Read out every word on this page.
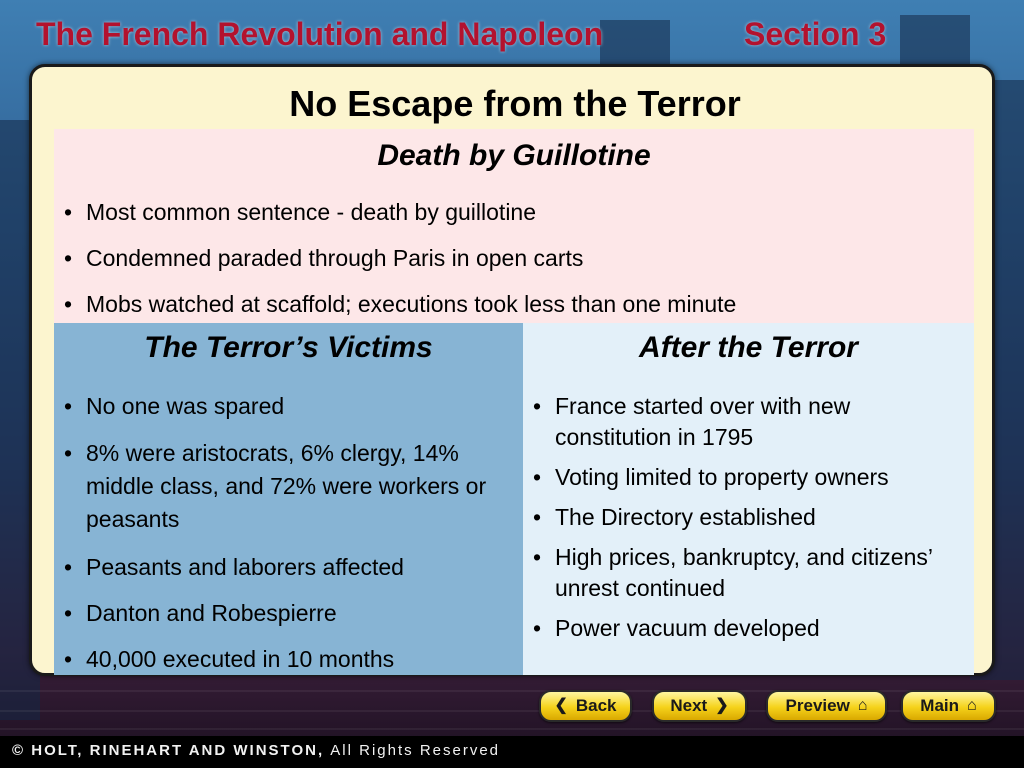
The French Revolution and Napoleon	Section 3
No Escape from the Terror
Death by Guillotine
• Most common sentence - death by guillotine
• Condemned paraded through Paris in open carts
• Mobs watched at scaffold; executions took less than one minute
The Terror’s Victims
• No one was spared
• 8% were aristocrats, 6% clergy, 14% middle class, and 72% were workers or peasants
• Peasants and laborers affected
• Danton and Robespierre
• 40,000 executed in 10 months
After the Terror
• France started over with new constitution in 1795
• Voting limited to property owners
• The Directory established
• High prices, bankruptcy, and citizens’ unrest continued
• Power vacuum developed
❮ Back	Next ❯	Preview ⌂	Main ⌂
© HOLT, RINEHART AND WINSTON, All Rights Reserved
